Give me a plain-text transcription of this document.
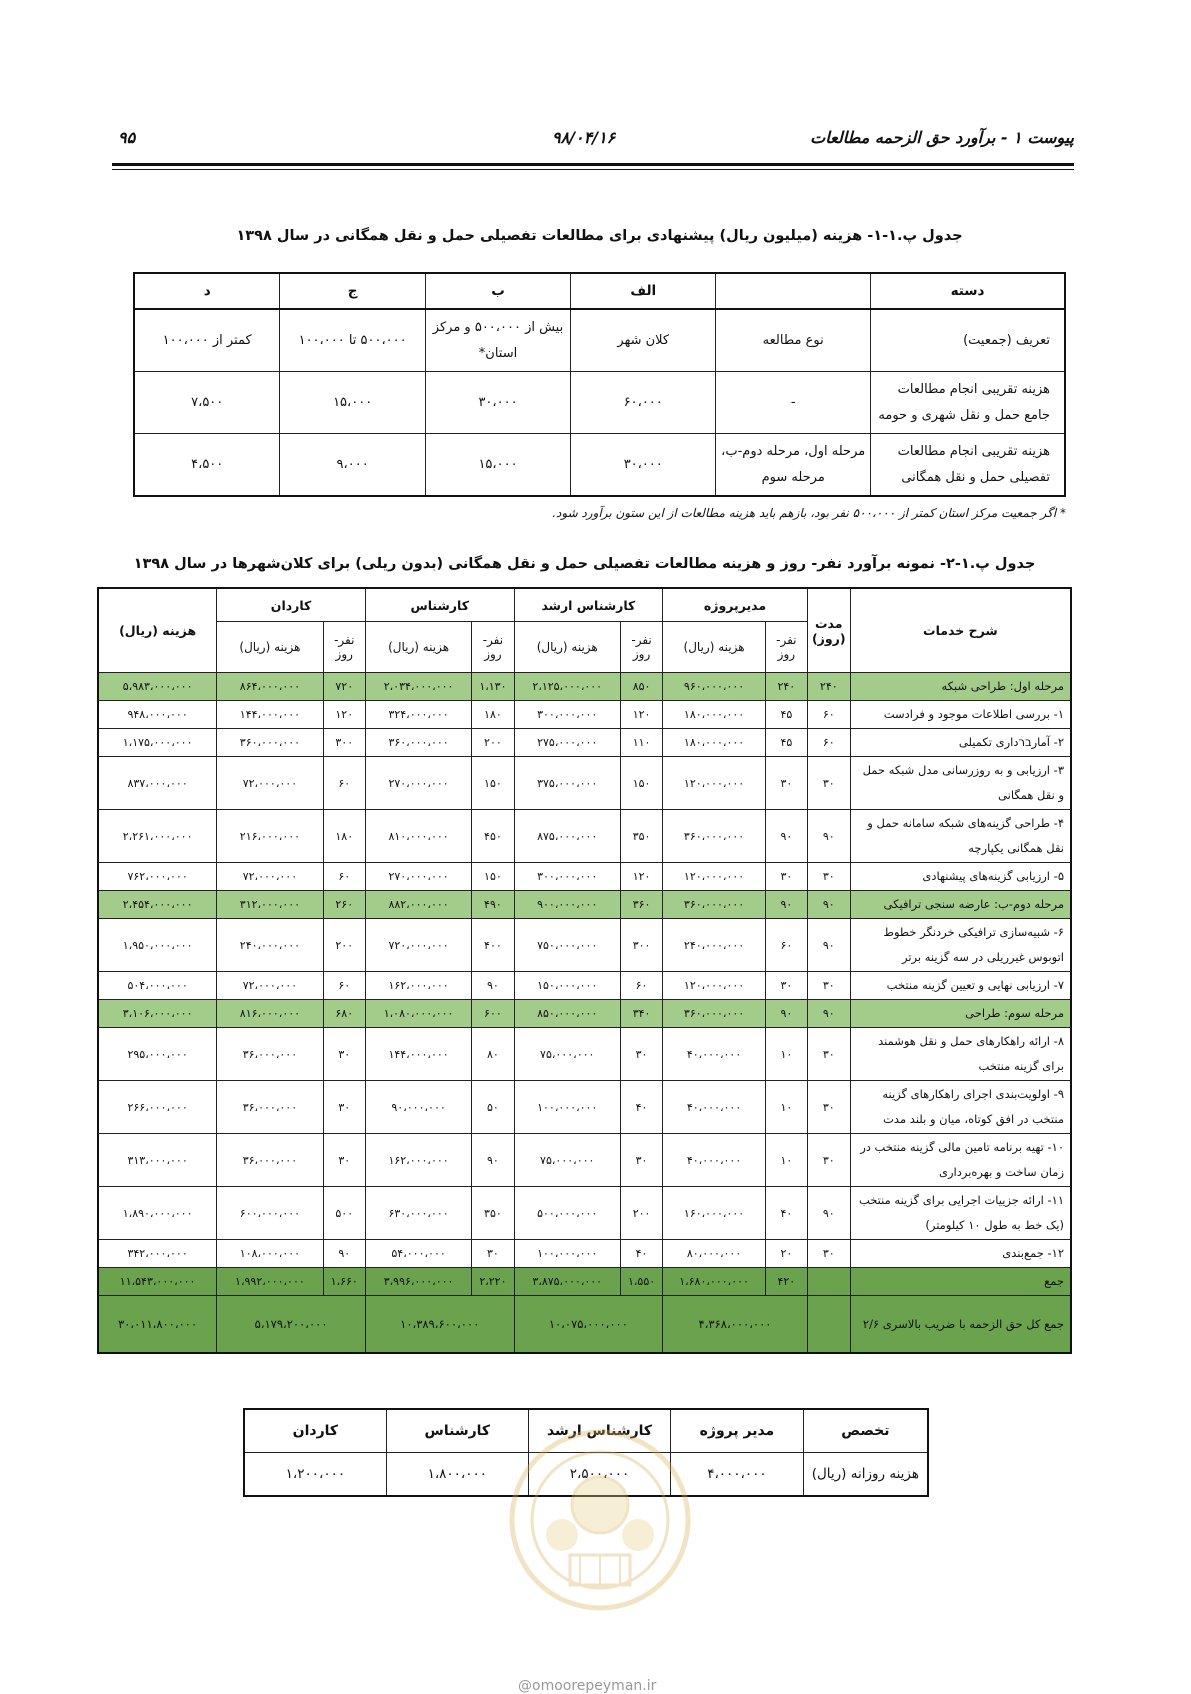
پیوست ۱ - برآورد حق الزحمه مطالعات
۹۸/۰۴/۱۶
۹۵
جدول پ.۱-۱- هزینه (میلیون ریال) پیشنهادی برای مطالعات تفصیلی حمل و نقل همگانی در سال ۱۳۹۸
دسته		الف	ب	ج	د
تعریف (جمعیت)	نوع مطالعه	کلان شهر	بیش از ۵۰۰،۰۰۰ و مرکز استان*	۵۰۰،۰۰۰ تا ۱۰۰،۰۰۰	کمتر از ۱۰۰،۰۰۰
هزینه تقریبی انجام مطالعات جامع حمل و نقل شهری و حومه	-	۶۰،۰۰۰	۳۰،۰۰۰	۱۵،۰۰۰	۷،۵۰۰
هزینه تقریبی انجام مطالعات تفصیلی حمل و نقل همگانی	مرحله اول، مرحله دوم-ب، مرحله سوم	۳۰،۰۰۰	۱۵،۰۰۰	۹،۰۰۰	۴،۵۰۰
* اگر جمعیت مرکز استان کمتر از ۵۰۰،۰۰۰ نفر بود، بازهم باید هزینه مطالعات از این ستون برآورد شود.
جدول پ.۱-۲- نمونه برآورد نفر- روز و هزینه مطالعات تفصیلی حمل و نقل همگانی (بدون ریلی) برای کلان‌شهرها در سال ۱۳۹۸
شرح خدمات	مدت (روز)	مدیرپروژه		کارشناس ارشد		کارشناس		کاردان		هزینه (ریال)
		نفر- روز	هزینه (ریال)	نفر- روز	هزینه (ریال)	نفر- روز	هزینه (ریال)	نفر- روز	هزینه (ریال)	
مرحله اول: طراحی شبکه	۲۴۰	۲۴۰	۹۶۰،۰۰۰،۰۰۰	۸۵۰	۲،۱۲۵،۰۰۰،۰۰۰	۱،۱۳۰	۲،۰۳۴،۰۰۰،۰۰۰	۷۲۰	۸۶۴،۰۰۰،۰۰۰	۵،۹۸۳،۰۰۰،۰۰۰
۱- بررسی اطلاعات موجود و فرادست	۶۰	۴۵	۱۸۰،۰۰۰،۰۰۰	۱۲۰	۳۰۰،۰۰۰،۰۰۰	۱۸۰	۳۲۴،۰۰۰،۰۰۰	۱۲۰	۱۴۴،۰۰۰،۰۰۰	۹۴۸،۰۰۰،۰۰۰
۲- آمارברداری تکمیلی	۶۰	۴۵	۱۸۰،۰۰۰،۰۰۰	۱۱۰	۲۷۵،۰۰۰،۰۰۰	۲۰۰	۳۶۰،۰۰۰،۰۰۰	۳۰۰	۳۶۰،۰۰۰،۰۰۰	۱،۱۷۵،۰۰۰،۰۰۰
۳- ارزیابی و به روزرسانی مدل شبکه حمل و نقل همگانی	۳۰	۳۰	۱۲۰،۰۰۰،۰۰۰	۱۵۰	۳۷۵،۰۰۰،۰۰۰	۱۵۰	۲۷۰،۰۰۰،۰۰۰	۶۰	۷۲،۰۰۰،۰۰۰	۸۳۷،۰۰۰،۰۰۰
۴- طراحی گزینه‌های شبکه سامانه حمل و نقل همگانی یکپارچه	۹۰	۹۰	۳۶۰،۰۰۰،۰۰۰	۳۵۰	۸۷۵،۰۰۰،۰۰۰	۴۵۰	۸۱۰،۰۰۰،۰۰۰	۱۸۰	۲۱۶،۰۰۰،۰۰۰	۲،۲۶۱،۰۰۰،۰۰۰
۵- ارزیابی گزینه‌های پیشنهادی	۳۰	۳۰	۱۲۰،۰۰۰،۰۰۰	۱۲۰	۳۰۰،۰۰۰،۰۰۰	۱۵۰	۲۷۰،۰۰۰،۰۰۰	۶۰	۷۲،۰۰۰،۰۰۰	۷۶۲،۰۰۰،۰۰۰
مرحله دوم-ب: عارضه سنجی ترافیکی	۹۰	۹۰	۳۶۰،۰۰۰،۰۰۰	۳۶۰	۹۰۰،۰۰۰،۰۰۰	۴۹۰	۸۸۲،۰۰۰،۰۰۰	۲۶۰	۳۱۲،۰۰۰،۰۰۰	۲،۴۵۴،۰۰۰،۰۰۰
۶- شبیه‌سازی ترافیکی خردنگر خطوط اتوبوس غیرریلی در سه گزینه برتر	۹۰	۶۰	۲۴۰،۰۰۰،۰۰۰	۳۰۰	۷۵۰،۰۰۰،۰۰۰	۴۰۰	۷۲۰،۰۰۰،۰۰۰	۲۰۰	۲۴۰،۰۰۰،۰۰۰	۱،۹۵۰،۰۰۰،۰۰۰
۷- ارزیابی نهایی و تعیین گزینه منتخب	۳۰	۳۰	۱۲۰،۰۰۰،۰۰۰	۶۰	۱۵۰،۰۰۰،۰۰۰	۹۰	۱۶۲،۰۰۰،۰۰۰	۶۰	۷۲،۰۰۰،۰۰۰	۵۰۴،۰۰۰،۰۰۰
مرحله سوم: طراحی	۹۰	۹۰	۳۶۰،۰۰۰،۰۰۰	۳۴۰	۸۵۰،۰۰۰،۰۰۰	۶۰۰	۱،۰۸۰،۰۰۰،۰۰۰	۶۸۰	۸۱۶،۰۰۰،۰۰۰	۳،۱۰۶،۰۰۰،۰۰۰
۸- ارائه راهکارهای حمل و نقل هوشمند برای گزینه منتخب	۳۰	۱۰	۴۰،۰۰۰،۰۰۰	۳۰	۷۵،۰۰۰،۰۰۰	۸۰	۱۴۴،۰۰۰،۰۰۰	۳۰	۳۶،۰۰۰،۰۰۰	۲۹۵،۰۰۰،۰۰۰
۹- اولویت‌بندی اجرای راهکارهای گزینه منتخب در افق کوتاه، میان و بلند مدت	۳۰	۱۰	۴۰،۰۰۰،۰۰۰	۴۰	۱۰۰،۰۰۰،۰۰۰	۵۰	۹۰،۰۰۰،۰۰۰	۳۰	۳۶،۰۰۰،۰۰۰	۲۶۶،۰۰۰،۰۰۰
۱۰- تهیه برنامه تامین مالی گزینه منتخب در زمان ساخت و بهره‌برداری	۳۰	۱۰	۴۰،۰۰۰،۰۰۰	۳۰	۷۵،۰۰۰،۰۰۰	۹۰	۱۶۲،۰۰۰،۰۰۰	۳۰	۳۶،۰۰۰،۰۰۰	۳۱۳،۰۰۰،۰۰۰
۱۱- ارائه جزییات اجرایی برای گزینه منتخب (یک خط به طول ۱۰ کیلومتر)	۹۰	۴۰	۱۶۰،۰۰۰،۰۰۰	۲۰۰	۵۰۰،۰۰۰،۰۰۰	۳۵۰	۶۳۰،۰۰۰،۰۰۰	۵۰۰	۶۰۰،۰۰۰،۰۰۰	۱،۸۹۰،۰۰۰،۰۰۰
۱۲- جمع‌بندی	۳۰	۲۰	۸۰،۰۰۰،۰۰۰	۴۰	۱۰۰،۰۰۰،۰۰۰	۳۰	۵۴،۰۰۰،۰۰۰	۹۰	۱۰۸،۰۰۰،۰۰۰	۳۴۲،۰۰۰،۰۰۰
جمع		۴۲۰	۱،۶۸۰،۰۰۰،۰۰۰	۱،۵۵۰	۳،۸۷۵،۰۰۰،۰۰۰	۲،۲۲۰	۳،۹۹۶،۰۰۰،۰۰۰	۱،۶۶۰	۱،۹۹۲،۰۰۰،۰۰۰	۱۱،۵۴۳،۰۰۰،۰۰۰
جمع کل حق الزحمه با ضریب بالاسری ۲/۶		۴،۳۶۸،۰۰۰،۰۰۰		۱۰،۰۷۵،۰۰۰،۰۰۰		۱۰،۳۸۹،۶۰۰،۰۰۰		۵،۱۷۹،۲۰۰،۰۰۰		۳۰،۰۱۱،۸۰۰،۰۰۰
تخصص	مدیر پروژه	کارشناس ارشد	کارشناس	کاردان
هزینه روزانه (ریال)	۴،۰۰۰،۰۰۰	۲،۵۰۰،۰۰۰	۱،۸۰۰،۰۰۰	۱،۲۰۰،۰۰۰
@omoorepeyman.ir
